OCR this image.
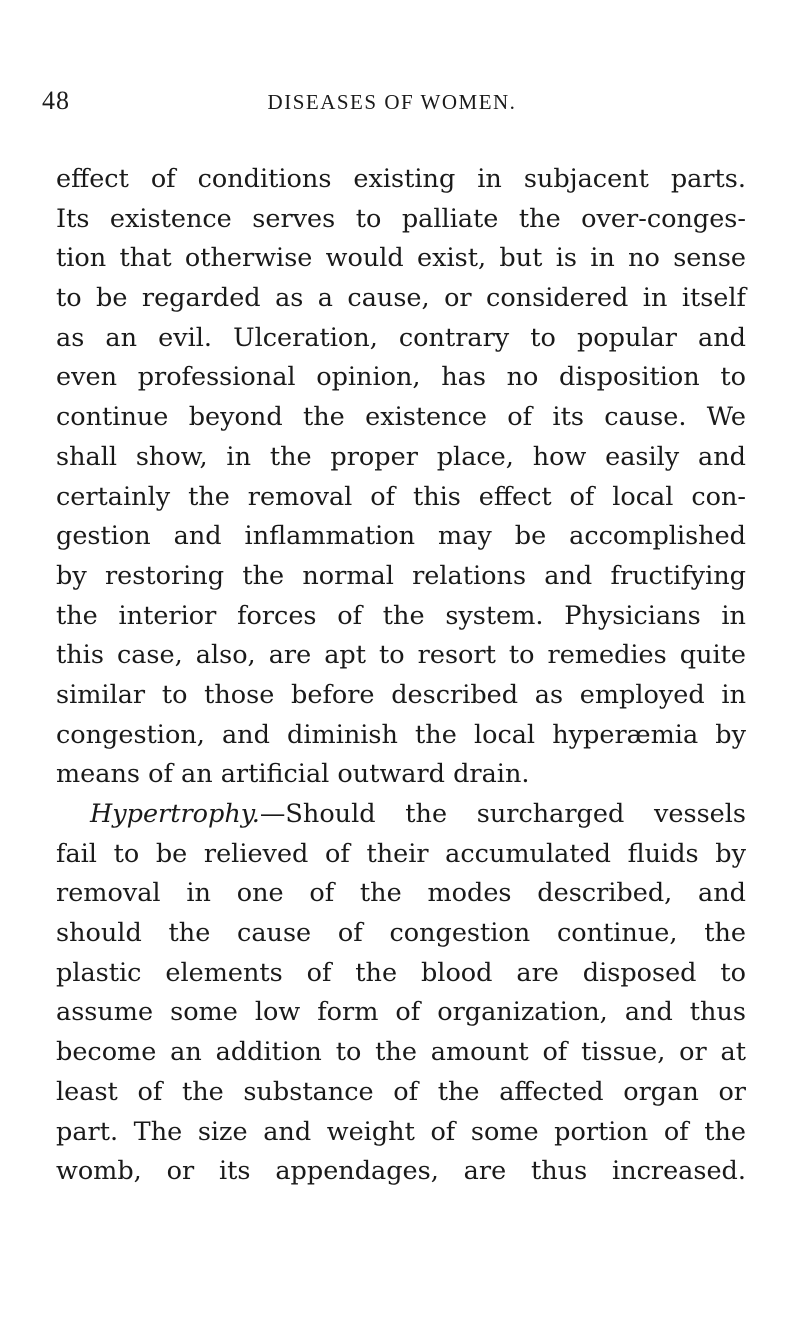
48	DISEASES OF WOMEN.
effect of conditions existing in subjacent parts.
Its existence serves to palliate the over-conges-
tion that otherwise would exist, but is in no sense
to be regarded as a cause, or considered in itself
as an evil. Ulceration, contrary to popular and
even professional opinion, has no disposition to
continue beyond the existence of its cause. We
shall show, in the proper place, how easily and
certainly the removal of this effect of local con-
gestion and inflammation may be accomplished
by restoring the normal relations and fructifying
the interior forces of the system. Physicians in
this case, also, are apt to resort to remedies quite
similar to those before described as employed in
congestion, and diminish the local hyperæmia by
means of an artificial outward drain.
Hypertrophy.—Should the surcharged vessels
fail to be relieved of their accumulated fluids by
removal in one of the modes described, and
should the cause of congestion continue, the
plastic elements of the blood are disposed to
assume some low form of organization, and thus
become an addition to the amount of tissue, or at
least of the substance of the affected organ or
part. The size and weight of some portion of the
womb, or its appendages, are thus increased.
